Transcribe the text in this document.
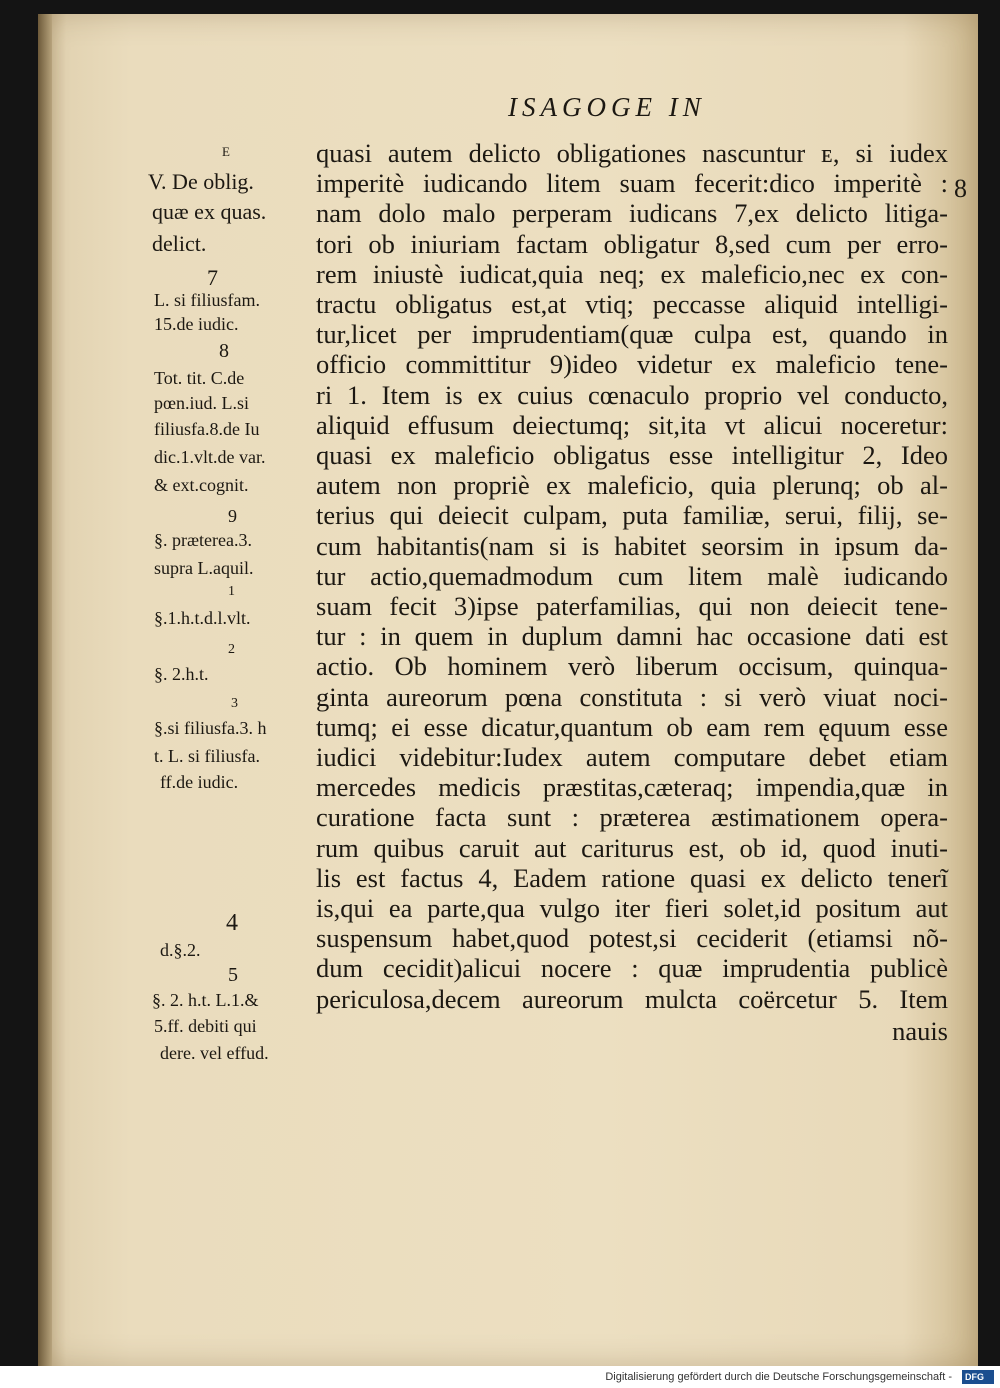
ISAGOGE IN
8
quasi autem delicto obligationes nascuntur ᴇ, si iudex
imperitè iudicando litem suam fecerit:dico imperitè :
nam dolo malo perperam iudicans 7,ex delicto litiga-
tori ob iniuriam factam obligatur 8,sed cum per erro-
rem iniustè iudicat,quia neq; ex maleficio,nec ex con-
tractu obligatus est,at vtiq; peccasse aliquid intelligi-
tur,licet per imprudentiam(quæ culpa est, quando in
officio committitur 9)ideo videtur ex maleficio tene-
ri 1. Item is ex cuius cœnaculo proprio vel conducto,
aliquid effusum deiectumq; sit,ita vt alicui noceretur:
quasi ex maleficio obligatus esse intelligitur 2, Ideo
autem non propriè ex maleficio, quia plerunq; ob al-
terius qui deiecit culpam, puta familiæ, serui, filij, se-
cum habitantis(nam si is habitet seorsim in ipsum da-
tur actio,quemadmodum cum litem malè iudicando
suam fecit 3)ipse paterfamilias, qui non deiecit tene-
tur : in quem in duplum damni hac occasione dati est
actio. Ob hominem verò liberum occisum, quinqua-
ginta aureorum pœna constituta : si verò viuat noci-
tumq; ei esse dicatur,quantum ob eam rem ęquum esse
iudici videbitur:Iudex autem computare debet etiam
mercedes medicis præstitas,cæteraq; impendia,quæ in
curatione facta sunt : præterea æstimationem opera-
rum quibus caruit aut cariturus est, ob id, quod inuti-
lis est factus 4, Eadem ratione quasi ex delicto tenerĩ
is,qui ea parte,qua vulgo iter fieri solet,id positum aut
suspensum habet,quod potest,si ceciderit (etiamsi nõ-
dum cecidit)alicui nocere : quæ imprudentia publicè
periculosa,decem aureorum mulcta coërcetur 5. Item
nauis
E
V. De oblig.
quæ ex quas.
delict.
7
L. si filiusfam.
15.de iudic.
8
Tot. tit. C.de
pœn.iud. L.si
filiusfa.8.de Iu
dic.1.vlt.de var.
& ext.cognit.
9
§. præterea.3.
supra L.aquil.
1
§.1.h.t.d.l.vlt.
2
§. 2.h.t.
3
§.si filiusfa.3. h
t. L. si filiusfa.
ff.de iudic.
4
d.§.2.
5
§. 2. h.t. L.1.&
5.ff. debiti qui
dere. vel effud.
Digitalisierung gefördert durch die Deutsche Forschungsgemeinschaft - DFG
